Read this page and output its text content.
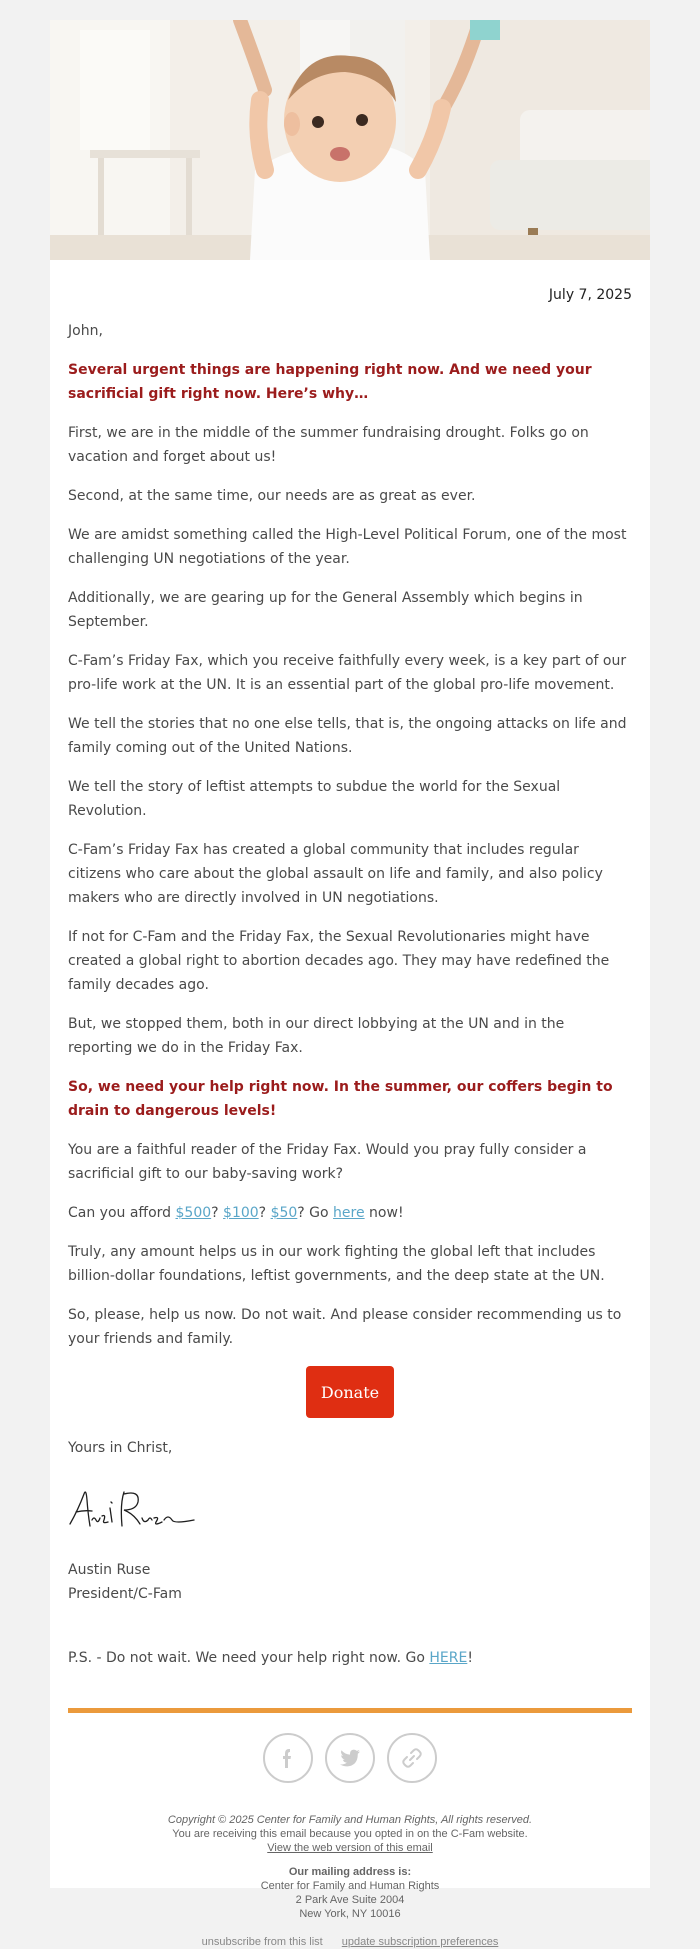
July 7, 2025

John,

Several urgent things are happening right now. And we need your sacrificial gift right now. Here’s why…

First, we are in the middle of the summer fundraising drought. Folks go on vacation and forget about us!

Second, at the same time, our needs are as great as ever.

We are amidst something called the High-Level Political Forum, one of the most challenging UN negotiations of the year.

Additionally, we are gearing up for the General Assembly which begins in September.

C-Fam’s Friday Fax, which you receive faithfully every week, is a key part of our pro-life work at the UN. It is an essential part of the global pro-life movement.

We tell the stories that no one else tells, that is, the ongoing attacks on life and family coming out of the United Nations.

We tell the story of leftist attempts to subdue the world for the Sexual Revolution.

C-Fam’s Friday Fax has created a global community that includes regular citizens who care about the global assault on life and family, and also policy makers who are directly involved in UN negotiations.

If not for C-Fam and the Friday Fax, the Sexual Revolutionaries might have created a global right to abortion decades ago. They may have redefined the family decades ago.

But, we stopped them, both in our direct lobbying at the UN and in the reporting we do in the Friday Fax.

So, we need your help right now. In the summer, our coffers begin to drain to dangerous levels!

You are a faithful reader of the Friday Fax. Would you pray fully consider a sacrificial gift to our baby-saving work?

Can you afford $500? $100? $50? Go here now!

Truly, any amount helps us in our work fighting the global left that includes billion-dollar foundations, leftist governments, and the deep state at the UN.

So, please, help us now. Do not wait. And please consider recommending us to your friends and family.

Donate

Yours in Christ,

Austin Ruse
President/C-Fam

P.S. - Do not wait. We need your help right now. Go HERE!

Copyright © 2025 Center for Family and Human Rights, All rights reserved.
You are receiving this email because you opted in on the C-Fam website.
View the web version of this email
Our mailing address is:
Center for Family and Human Rights
2 Park Ave Suite 2004
New York, NY 10016
unsubscribe from this list update subscription preferences
